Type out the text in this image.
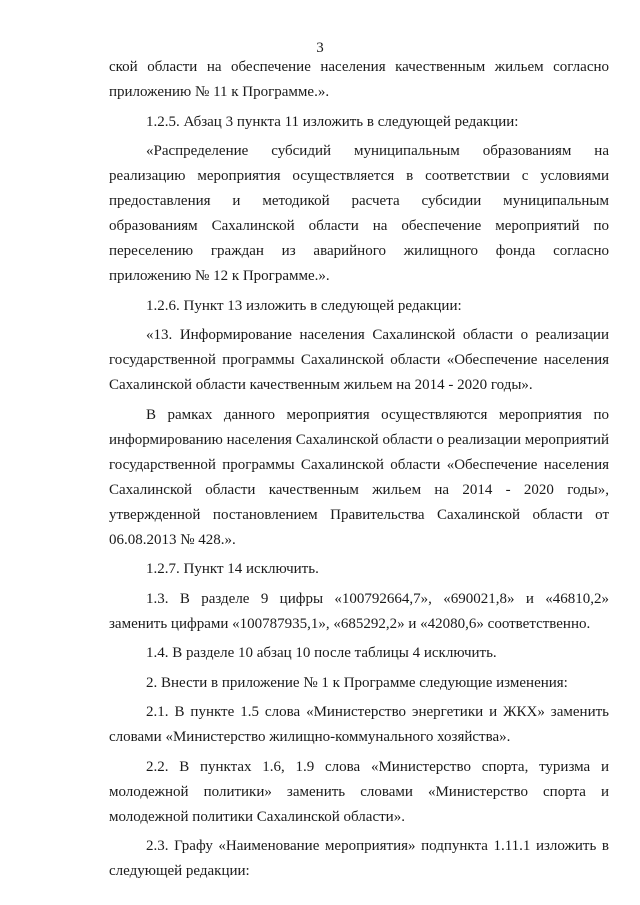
3

ской области на обеспечение населения качественным жильем согласно приложению № 11 к Программе.».

1.2.5. Абзац 3 пункта 11 изложить в следующей редакции:

«Распределение субсидий муниципальным образованиям на реализацию мероприятия осуществляется в соответствии с условиями предоставления и методикой расчета субсидии муниципальным образованиям Сахалинской области на обеспечение мероприятий по переселению граждан из аварийного жилищного фонда согласно приложению № 12 к Программе.».

1.2.6. Пункт 13 изложить в следующей редакции:

«13. Информирование населения Сахалинской области о реализации государственной программы Сахалинской области «Обеспечение населения Сахалинской области качественным жильем на 2014 - 2020 годы».

В рамках данного мероприятия осуществляются мероприятия по информированию населения Сахалинской области о реализации мероприятий государственной программы Сахалинской области «Обеспечение населения Сахалинской области качественным жильем на 2014 - 2020 годы», утвержденной постановлением Правительства Сахалинской области от 06.08.2013 № 428.».

1.2.7. Пункт 14 исключить.

1.3. В разделе 9 цифры «100792664,7», «690021,8» и «46810,2» заменить цифрами «100787935,1», «685292,2» и «42080,6» соответственно.

1.4. В разделе 10 абзац 10 после таблицы 4 исключить.

2. Внести в приложение № 1 к Программе следующие изменения:

2.1. В пункте 1.5 слова «Министерство энергетики и ЖКХ» заменить словами «Министерство жилищно-коммунального хозяйства».

2.2. В пунктах 1.6, 1.9 слова «Министерство спорта, туризма и молодежной политики» заменить словами «Министерство спорта и молодежной политики Сахалинской области».

2.3. Графу «Наименование мероприятия» подпункта 1.11.1 изложить в следующей редакции:
